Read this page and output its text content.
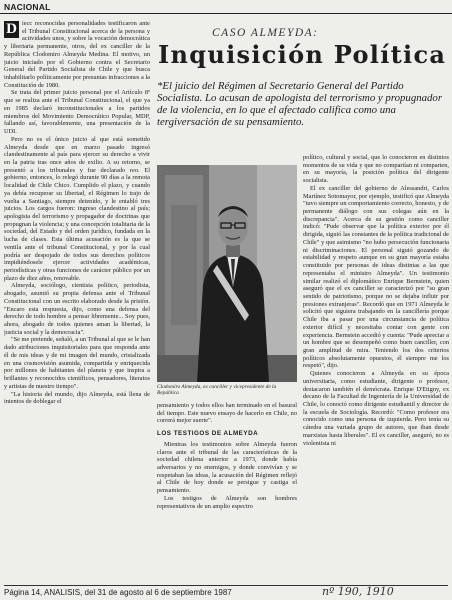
NACIONAL
CASO ALMEYDA:
Inquisición Política
*El juicio del Régimen al Secretario General del Partido Socialista. Lo acusan de apologista del terrorismo y propugnador de la violencia, en lo que el afectado califica como una tergiversación de su pensamiento.
D iecc reconocidas personalidades testificaron ante el Tribunal Constitucional acerca de la persona y actividades unos, y sobre la vocación democrática y libertaria permanente, otros, del ex canciller de la República Clodomiro Almeyda Medina. El motivo, un juicio iniciado por el Gobierno contra el Secretario General del Partido Socialista de Chile y que busca inhabilitarlo políticamente por presuntas infracciones a la Constitución de 1980.

Se trata del primer juicio personal por el Artículo 8º que se realiza ante el Tribunal Constitucional, el que ya en 1985 declaró inconstitucionales a los partidos miembros del Movimiento Democrático Popular, MDP, fallando así, favorablemente, una presentación de la UDI.

Pero no es el único juicio al que está sometido Almeyda desde que en marzo pasado ingresó clandestinamente al país para ejercer su derecho a vivir en la patria tras once años de exilio. A su retorno, se presentó a los tribunales y fue declarado reo. El gobierno, entonces, lo relegó durante 90 días a la remota localidad de Chile Chico. Cumplido el plazo, y cuando ya debía recuperar su libertad, el Régimen lo trajo de vuelta a Santiago, siempre detenido, y le entabló tres juicios. Los cargos fueron: ingreso clandestino al país; apologista del terrorismo y propagador de doctrinas que propugnan la violencia; y una concepción totalitaria de la sociedad, del Estado y del orden jurídico, fundada en la lucha de clases. Esta última acusación es la que se ventila ante el tribunal Constitucional, y por la cual podría ser despojado de todos sus derechos políticos impidiéndosele ejercer actividades académicas, periodísticas y otras funciones de carácter público por un plazo de diez años, renovable.

Almeyda, sociólogo, cientista político, periodista, abogado, asumió su propia defensa ante el Tribunal Constitucional con un escrito elaborado desde la prisión. "Encaro esta respuesta, dijo, como una defensa del derecho de todo hombre a pensar libremente... Soy pues, ahora, abogado de todos quienes aman la libertad, la justicia social y la democracia".

"Se me pretende, señaló, a un Tribunal al que se le han dado atribuciones inquisitoriales para que responda ante él de mis ideas y de mi imagen del mundo, cristalizada en una cosmovisión asumida, compartida y enriquecida por millones de habitantes del planeta y que inspira a brillantes y reconocidos científicos, pensadores, literatos y artistas de nuestro tiempo".

"La historia del mundo, dijo Almeyda, está llena de intentos de doblegar el

Clodomiro Almeyda, ex canciller y vicepresidente de la República

pensamiento y todos ellos han terminado en el basural del tiempo. Este nuevo ensayo de hacerlo en Chile, no correrá mejor suerte".

LOS TESTIGOS DE ALMEYDA

Mientras los testimonios sobre Almeyda fueron claros ante el tribunal de las características de la sociedad chilena anterior a 1973, donde había adversarios y no enemigos, y donde convivían y se respetaban las ideas, la acusación del Régimen reflejó al Chile de hoy donde se persigue y castiga el pensamiento.

Los testigos de Almeyda son hombres representativos de un amplio espectro

político, cultural y social, que lo conocieron en distintos momentos de su vida y que no compartían ni comparten, en su mayoría, la posición política del dirigente socialista.

El ex canciller del gobierno de Alessandri, Carlos Martínez Sotomayor, por ejemplo, testificó que Almeyda "tuvo siempre un comportamiento correcto, honesto, y de permanente diálogo con sus colegas aún en la discrepancia". Acerca de su gestión como canciller indicó: "Pude observar que la política exterior por él dirigida, siguió las constantes de la política tradicional de Chile" y que asimismo "no hubo persecución funcionaria ni discriminaciones. El personal siguió gozando de estabilidad y respeto aunque en su gran mayoría estaba constituido por personas de ideas distintas a las que representaba el ministro Almeyda". Un testimonio similar realizó el diplomático Enrique Bernstein, quien aseguró que el ex canciller se caracterizó por "su gran sentido de patriotismo, porque no se dejaba influir por presiones extranjeras". Recordó que en 1971 Almeyda le solicitó que siguiera trabajando en la cancillería porque Chile iba a pasar por una circunstancia de política exterior difícil y necesitaba contar con gente con experiencia. Bernstein accedió y cuenta: "Pude apreciar a un hombre que se desempeñó como buen canciller, con gran amplitud de mira. Teniendo los dos criterios políticos absolutamente opuestos, él siempre me los respetó", dijo.

Quienes conocieron a Almeyda en su época universitaria, como estudiante, dirigente o profesor, destacaron también el demócrata. Enrique D'Etigny, ex decano de la Facultad de Ingeniería de la Universidad de Chile, lo conoció como dirigente estudiantil y director de la escuela de Sociología. Recordó: "Como profesor era conocido como una persona de izquierda. Pero tenía su cátedra una variada grupo de autores, que iban desde marxistas hasta liberales". El ex canciller, aseguró, no es violentista ni

Página 14, ANALISIS, del 31 de agosto al 6 de septiembre 1987	nº 190, 1910
